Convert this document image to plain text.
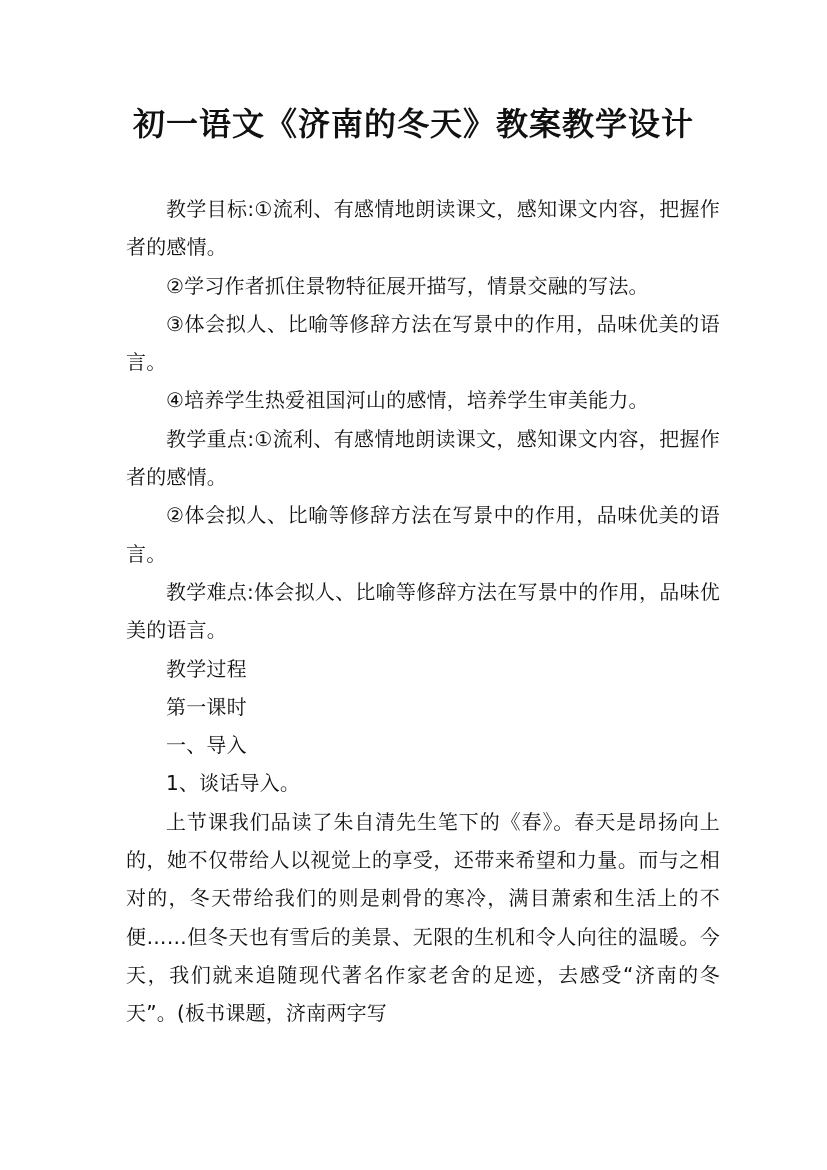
初一语文《济南的冬天》教案教学设计

教学目标:①流利、有感情地朗读课文，感知课文内容，把握作者的感情。

②学习作者抓住景物特征展开描写，情景交融的写法。

③体会拟人、比喻等修辞方法在写景中的作用，品味优美的语言。

④培养学生热爱祖国河山的感情，培养学生审美能力。

教学重点:①流利、有感情地朗读课文，感知课文内容，把握作者的感情。

②体会拟人、比喻等修辞方法在写景中的作用，品味优美的语言。

教学难点:体会拟人、比喻等修辞方法在写景中的作用，品味优美的语言。

教学过程

第一课时

一、导入

1、谈话导入。

上节课我们品读了朱自清先生笔下的《春》。春天是昂扬向上的，她不仅带给人以视觉上的享受，还带来希望和力量。而与之相对的，冬天带给我们的则是刺骨的寒冷，满目萧索和生活上的不便……但冬天也有雪后的美景、无限的生机和令人向往的温暖。今天，我们就来追随现代著名作家老舍的足迹，去感受“济南的冬天”。(板书课题，济南两字写
